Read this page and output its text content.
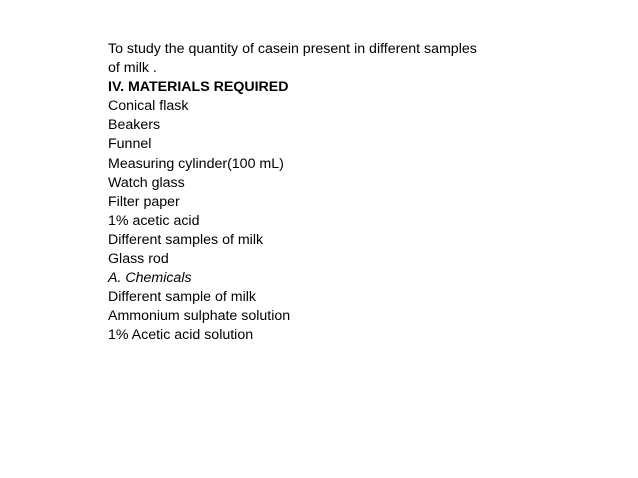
To study the quantity of casein present in different samples
of milk .
IV. MATERIALS REQUIRED
Conical flask
Beakers
Funnel
Measuring cylinder(100 mL)
Watch glass
Filter paper
1% acetic acid
Different samples of milk
Glass rod
A. Chemicals
Different sample of milk
Ammonium sulphate solution
1% Acetic acid solution
